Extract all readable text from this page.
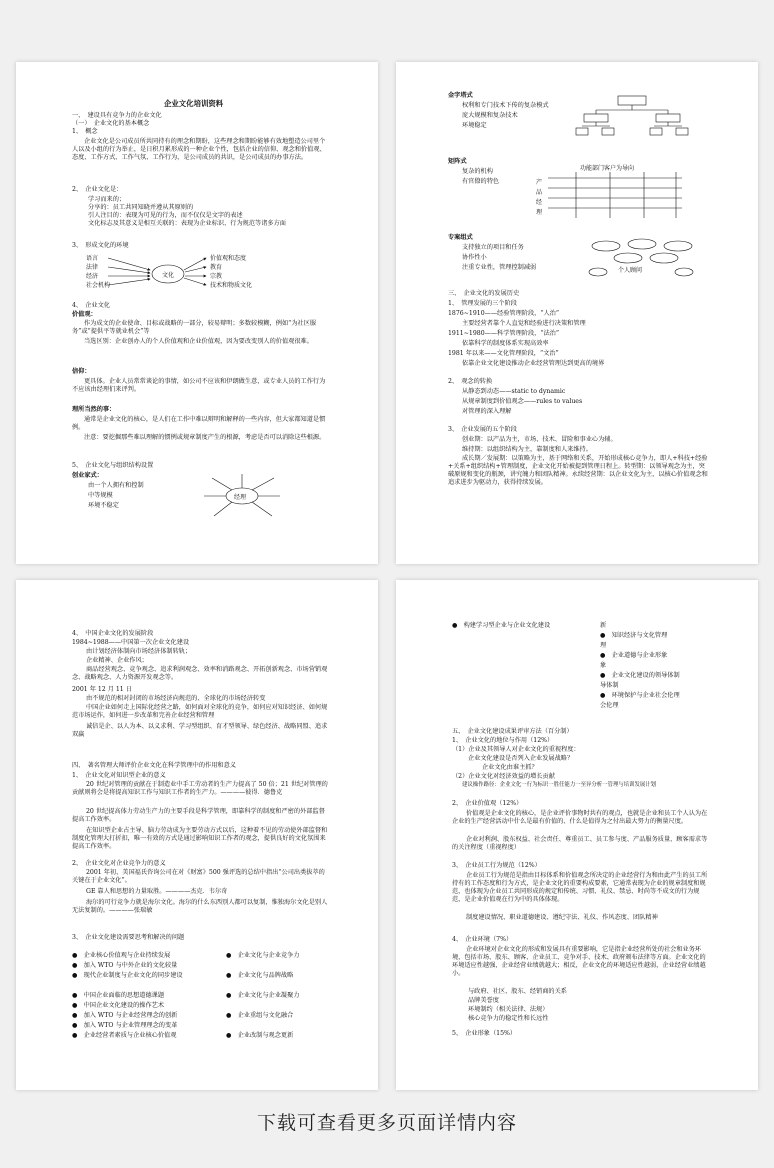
企业文化培训资料
一、　建设具有竞争力的企业文化
（一）　企业文化的基本概念
1、　概念
企业文化是公司成员所共同持有的理念和期盼，这些理念和期盼能够有效地塑造公司里个人以及小组的行为举止，是日积月累形成的一种企业个性，包括企业的信仰、观念和价值观、态度、工作方式、工作气氛、工作行为，是公司成员的共识，是公司成员的办事方法。
2、　企业文化是：
学习而来的；
分享的：员工共同知晓并遵从其原则的
引人注目的：表现为可见的行为，而不仅仅是文字的表述
文化标志及其意义是相互关联的：表现为企业标识、行为规范等诸多方面
3、　形成文化的环境
语言
法律
经济
社会机构
文化
价值观和态度
教育
宗教
技术和物质文化
4、　企业文化
价值观：
作为成文的企业使命、目标或战略的一部分，较易辩明；多数较模糊，例如“为社区服务”或“提供平等就业机会”等
当选区别：企业创办人的个人价值观和企业价值观，因为要改变别人的价值观很难。
信仰：
更具体。企业人员常常谈论的事情，如公司不应该和伊朗做生意，或专业人员的工作行为不应该由经理们来评判。
理所当然的事：
通常是企业文化的核心，是人们在工作中难以辩明和解释的一些内容，但大家都知道是惯例。
注意：要挖掘那些难以理解的惯例或规章制度产生的根源，考虑是否可以消除这些根源。
5、　企业文化与组织结构设置
创业家式：
由一个人拥有和控制
中等规模
环境不稳定
经理
金字塔式
权利和专门技术下传的复杂模式
庞大规模和复杂技术
环境稳定
矩阵式
复杂的机构
有官僚的特色
功能部门客户为导向
产
品
经
理
专案组式
支持独立的项目和任务
协作性小
注重专业性，管理控制减弱	个人顾问
三、　企业文化的发展历史
1、　管理发展的三个阶段
1876~1910——经验管理阶段，“人治”
主要经营者靠个人直觉和经验进行决策和管理
1911~1980——科学管理阶段，“法治”
依靠科学的制度体系实现高效率
1981 年以来——文化管理阶段，“文治”
依靠企业文化建设推动企业经营管理达到更高的境界
2、　观念的转换
从静态到动态——static to dynamic
从规章制度到价值观念——rules to values
对管理的深入理解
3、　企业发展的五个阶段
创业期：以产品为主，市场、技术、冒险和事业心为辅。
维持期：以组织结构为主，靠制度和人来维持。
成长期／发展期：以策略为主，基于网络和关系，开始形成核心竞争力，即人+科技+经验+关系+组织结构+管理制度，企业文化开始被提到管理日程上。转型期：以领导观念为主，突破原规和变化的瓶颈，讲究魄力和团队精神。永续经营期：以企业文化为主，以核心价值观念和追求进步为驱动力，获得持续发展。
4、　中国企业文化的发展阶段
1984~1988——中国第一次企业文化建设
由计划经济体制向市场经济体制转轨；
企业精神、企业作风；
商品经营观念、竞争观念、追求利润观念、效率和消路观念、开拓创新观念、市场营销观念、战略观念、人力资源开发观念等。
2001 年 12 月 11 日
由不规范的相对封闭的市场经济向规范的、全球化的市场经济转变
中国企业如何走上国际化经营之路，如何面对全球化的竞争，如何应对知识经济、如何规范市场运作，如何进一步改革和完善企业经营和管理
诚信是企、以人为本、以义求利、学习型组织、育才型领导、绿色经济、战略同盟、追求双赢
四、　著名管理大师评价企业文化在科学管理中的作用和意义
1、　企业文化对知识型企业的意义
20 世纪对管理的贡献在于制造业中手工劳动者的生产力提高了 50 倍；21 世纪对管理的贡献则将会是将提高知识工作与知识工作者的生产力。————彼得．德鲁克
20 世纪提高体力劳动生产力的主要手段是科学管理，即靠科学的制度和严密的外部监督提高工作效率。
在知识型企业占主导、脑力劳动成为主要劳动方式以后，这种着不见的劳动使外部监督和制度化管理大打折扣，唯一有效的方式是通过影响知识工作者的观念，提供良好的文化氛围来提高工作效率。
2、　企业文化对企业竞争力的意义
2001 年初，美国福氏咨询公司在对《财富》500 强评选的总结中指出“公司出类拔萃的关键在于企业文化”。
GE 靠人和思想的力量取胜。————杰克．韦尔奇
海尔的可行竞争力就是海尔文化。海尔的什么东西别人都可以复制，惟独海尔文化是别人无法复制的。————张瑞敏
3、　企业文化建设需要思考和解决的问题
●　企业核心价值观与企业持续发展
●　加入 WTO 与中外企业的文化较量
●　现代企业制度与企业文化的同步建设
●　中国企业面临的思想道德课题
●　中国企业文化建设的操作艺术
●　加入 WTO 与企业经营理念的创新
●　加入 WTO 与企业管理理念的变革
●　企业经营者素质与企业核心价值观
●　企业文化与企业竞争力
●　企业文化与品牌战略
●　企业文化与企业凝聚力
●　企业重组与文化融合
●　企业改制与观念更新
●　构建学习型企业与企业文化建设	新
●　知识经济与文化管理
理
●　企业道德与企业形象
象
●　企业文化建设的领导体制
导体制
●　环境保护与企业社会伦理
会伦理
五、　企业文化建设成果评审方法（百分制）
1、　企业文化的地位与作用（12%）
（1）企业及其领导人对企业文化的重视程度：
企业文化建设是否列入企业发展战略？
企业文化由谁主抓？
（2）企业文化对经济效益的增长贡献
建议操作路径：企业文化一行为标识一胜任能力一至异分析一管理与培训发展计划
2、　企业价值观（12%）
价值观是企业文化的核心，是企业评价事物时共有的观点，也就是企业和员工个人认为在企业的生产经营活动中什么是最有价值的、什么是值得为之付出最大努力的衡量尺度。
企业对利润、股东权益、社会责任、尊重员工、员工参与度、产品服务质量、顾客需求等的关注程度（重视程度）
3、　企业员工行为规范（12%）
企业员工行为规范是指由目标体系和价值观念所决定的企业经营行为和由此产生的员工所持有的工作态度和行为方式，是企业文化的重要构成要素，它通常表现为企业的规章制度和规范，也体现为企业员工共同形成的规定和传统、习惯、礼仪、禁忌、时尚等不成文的行为规范，是企业价值观在行为中的具体体现。
制度建设情况、职业道德建设、遵纪守法、礼仪、作风态度、团队精神
4、　企业环境（7%）
企业环境对企业文化的形成和发展具有重要影响，它是指企业经营所处的社会和业务环境，包括市场、股东、顾客、企业员工、竞争对手、技术、政府颁布法律等方面。企业文化的环境适应性越强，企业经营业绩就越大；相反，企业文化的环境适应性越弱，企业经营业绩越小。
与政府、社区、股东、经销商的关系
品牌美誉度
环境制约（相关法律、法规）
核心竞争力的稳定性和长远性
5、　企业形象（15%）
下载可查看更多页面详情内容
